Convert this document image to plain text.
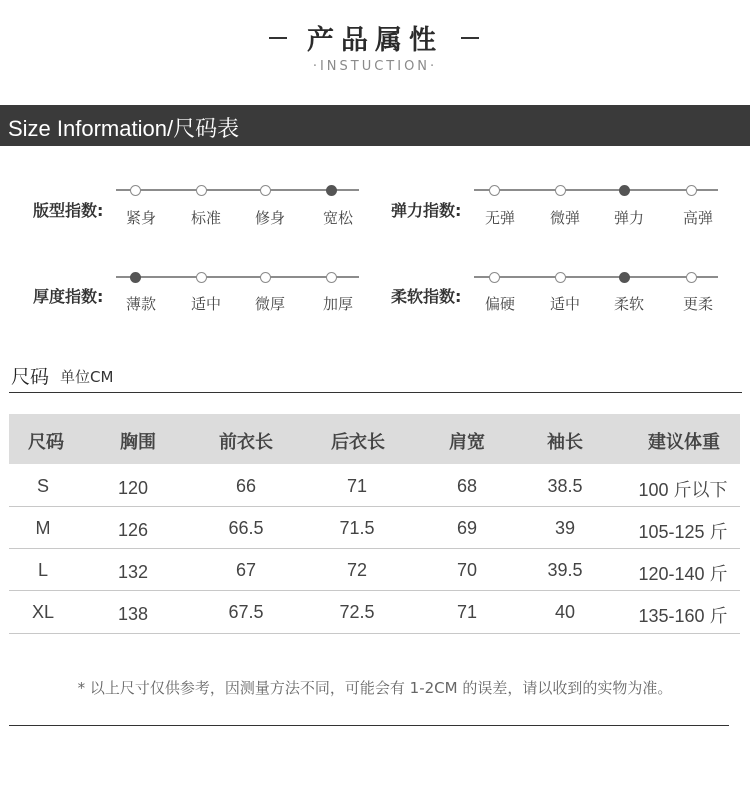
产品属性
·INSTUCTION·
Size Information/尺码表
版型指数:	紧身	标准	修身	宽松	弹力指数:	无弹	微弹	弹力	高弹
厚度指数:	薄款	适中	微厚	加厚	柔软指数:	偏硬	适中	柔软	更柔
尺码 单位CM
尺码	胸围	前衣长	后衣长	肩宽	袖长	建议体重
S	120	66	71	68	38.5	100 斤以下
M	126	66.5	71.5	69	39	105-125 斤
L	132	67	72	70	39.5	120-140 斤
XL	138	67.5	72.5	71	40	135-160 斤
* 以上尺寸仅供参考，因测量方法不同，可能会有 1-2CM 的误差，请以收到的实物为准。
